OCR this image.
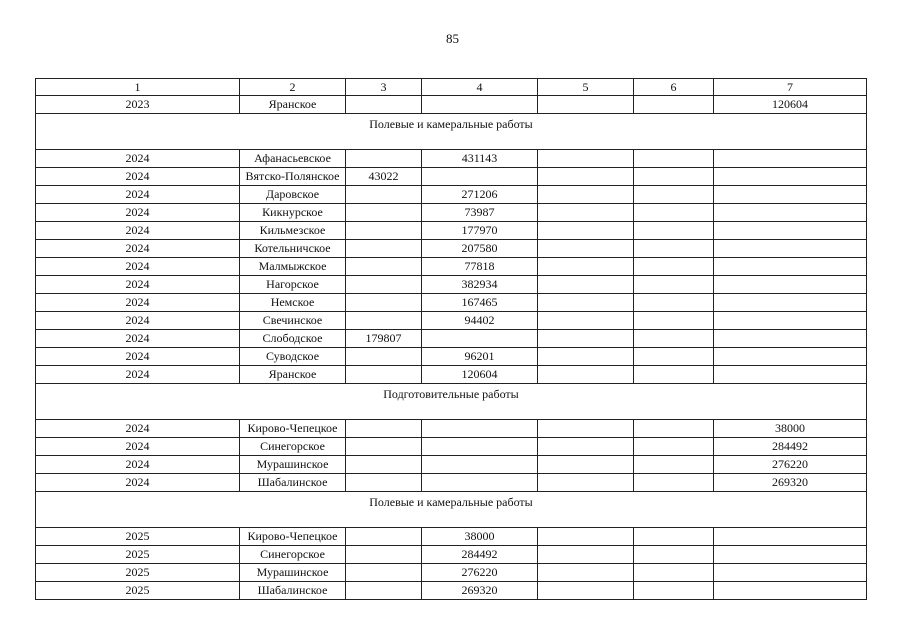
85
1	2	3	4	5	6	7
2023	Яранское					120604
Полевые и камеральные работы						
2024	Афанасьевское		431143			
2024	Вятско-Полянское	43022				
2024	Даровское		271206			
2024	Кикнурское		73987			
2024	Кильмезское		177970			
2024	Котельничское		207580			
2024	Малмыжское		77818			
2024	Нагорское		382934			
2024	Немское		167465			
2024	Свечинское		94402			
2024	Слободское	179807				
2024	Суводское		96201			
2024	Яранское		120604			
Подготовительные работы						
2024	Кирово-Чепецкое					38000
2024	Синегорское					284492
2024	Мурашинское					276220
2024	Шабалинское					269320
Полевые и камеральные работы						
2025	Кирово-Чепецкое		38000			
2025	Синегорское		284492			
2025	Мурашинское		276220			
2025	Шабалинское		269320			
